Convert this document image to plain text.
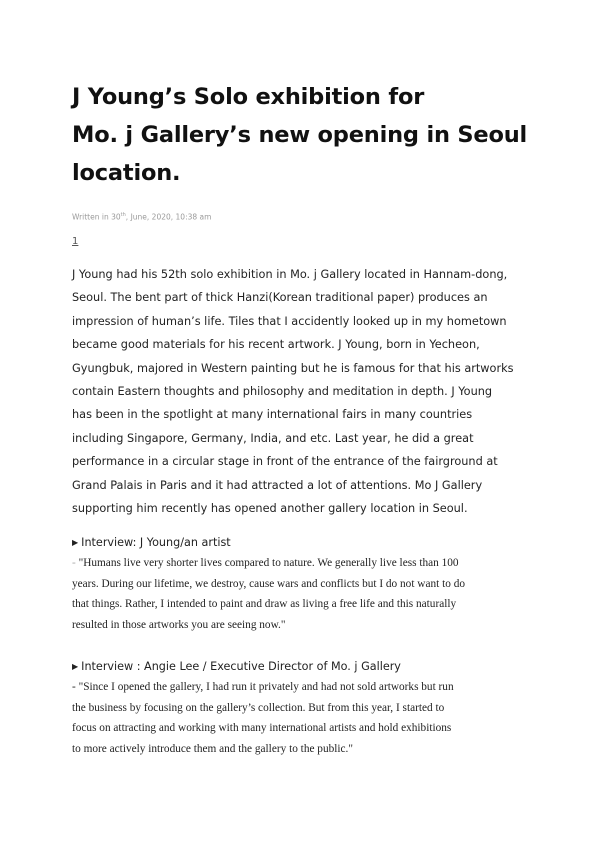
J Young’s Solo exhibition for
Mo. j Gallery’s new opening in Seoul
location.
Written in 30th, June, 2020, 10:38 am
1

J Young had his 52th solo exhibition in Mo. j Gallery located in Hannam-dong,
Seoul. The bent part of thick Hanzi(Korean traditional paper) produces an
impression of human’s life. Tiles that I accidently looked up in my hometown
became good materials for his recent artwork. J Young, born in Yecheon,
Gyungbuk, majored in Western painting but he is famous for that his artworks
contain Eastern thoughts and philosophy and meditation in depth. J Young
has been in the spotlight at many international fairs in many countries
including Singapore, Germany, India, and etc. Last year, he did a great
performance in a circular stage in front of the entrance of the fairground at
Grand Palais in Paris and it had attracted a lot of attentions. Mo J Gallery
supporting him recently has opened another gallery location in Seoul.

▶ Interview: J Young/an artist

- "Humans live very shorter lives compared to nature. We generally live less than 100
years. During our lifetime, we destroy, cause wars and conflicts but I do not want to do
that things. Rather, I intended to paint and draw as living a free life and this naturally
resulted in those artworks you are seeing now."

▶ Interview : Angie Lee / Executive Director of Mo. j Gallery

- "Since I opened the gallery, I had run it privately and had not sold artworks but run
the business by focusing on the gallery’s collection. But from this year, I started to
focus on attracting and working with many international artists and hold exhibitions
to more actively introduce them and the gallery to the public."
